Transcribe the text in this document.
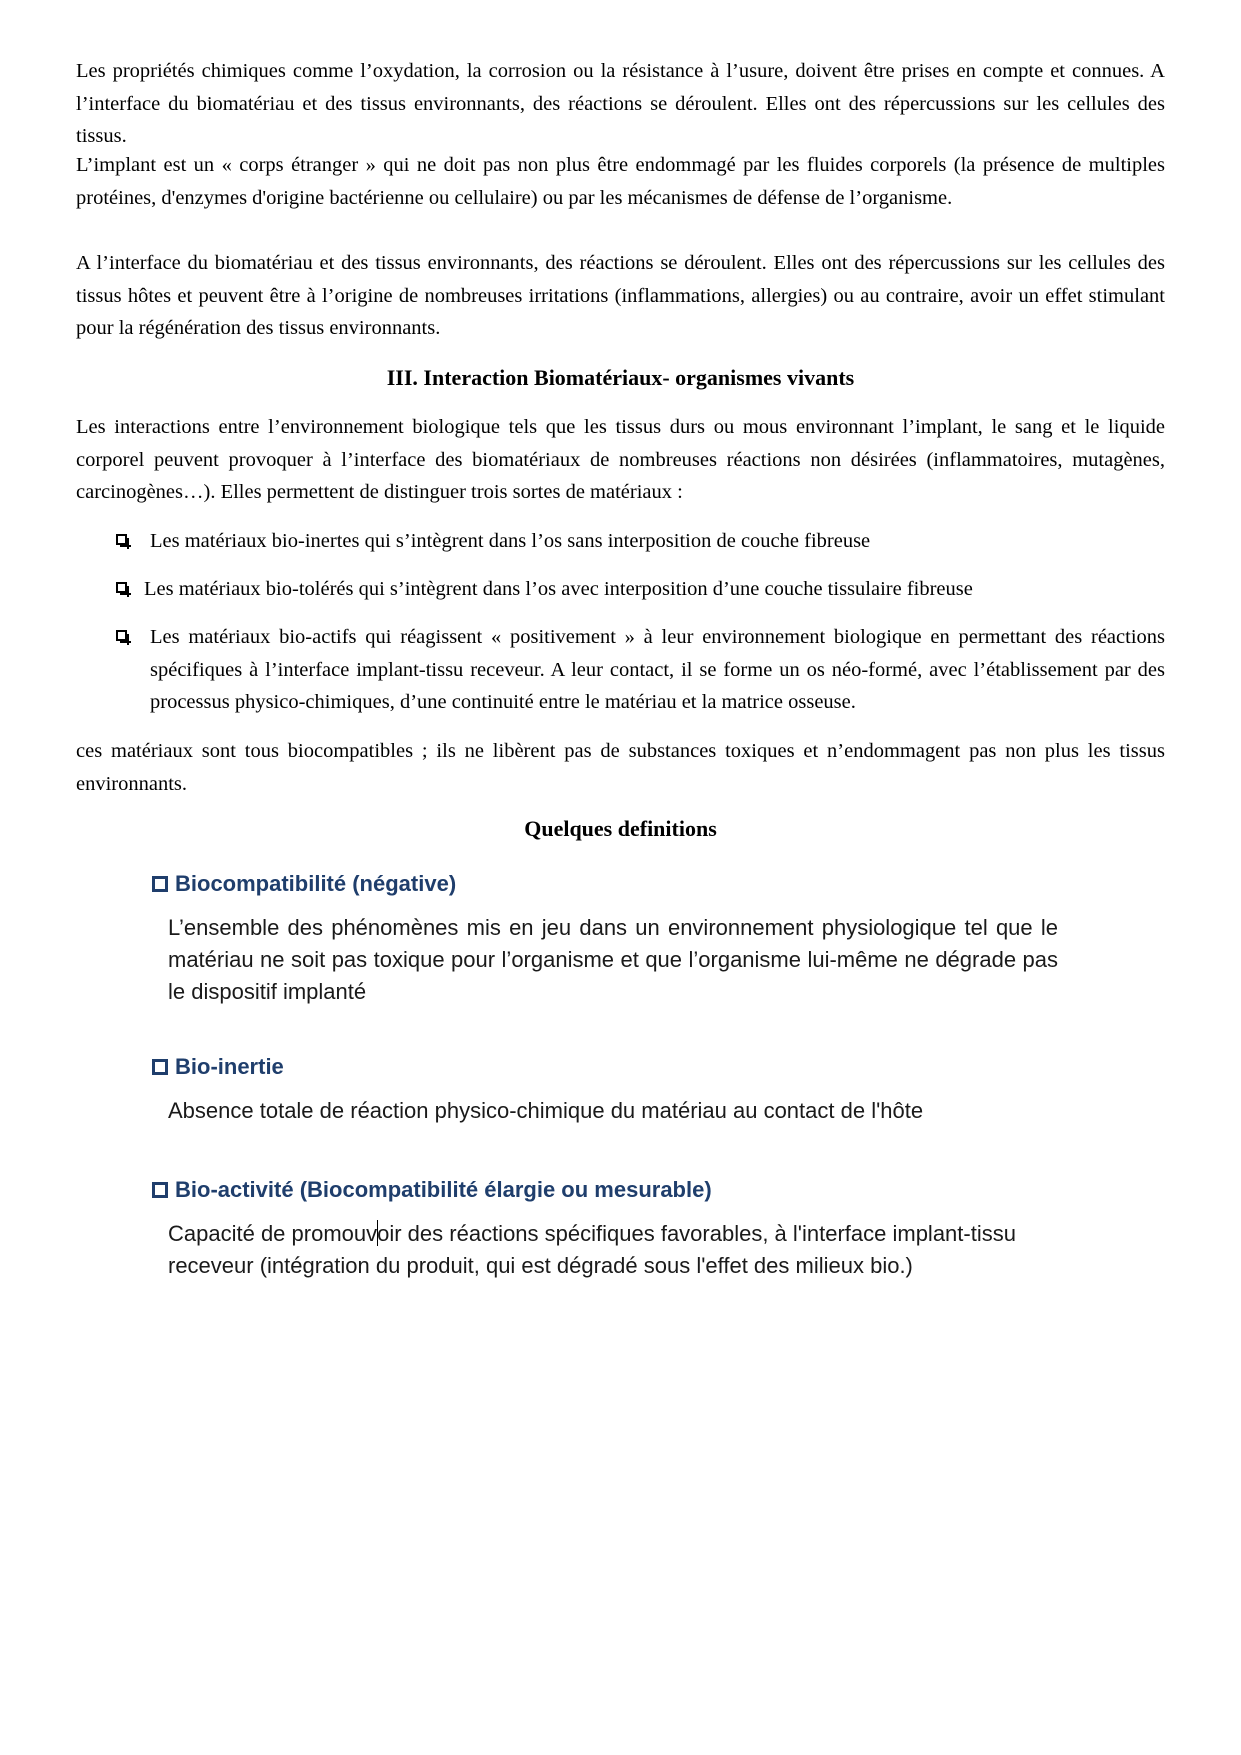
Les propriétés chimiques comme l’oxydation, la corrosion ou la résistance à l’usure, doivent être prises en compte et connues. A l’interface du biomatériau et des tissus environnants, des réactions se déroulent. Elles ont des répercussions sur les cellules des tissus.

L’implant est un « corps étranger » qui ne doit pas non plus être endommagé par les fluides corporels (la présence de multiples protéines, d'enzymes d'origine bactérienne ou cellulaire) ou par les mécanismes de défense de l’organisme.

A l’interface du biomatériau et des tissus environnants, des réactions se déroulent. Elles ont des répercussions sur les cellules des tissus hôtes et peuvent être à l’origine de nombreuses irritations (inflammations, allergies) ou au contraire, avoir un effet stimulant pour la régénération des tissus environnants.

III. Interaction Biomatériaux- organismes vivants

Les interactions entre l’environnement biologique tels que les tissus durs ou mous environnant l’implant, le sang et le liquide corporel peuvent provoquer à l’interface des biomatériaux de nombreuses réactions non désirées (inflammatoires, mutagènes, carcinogènes…). Elles permettent de distinguer trois sortes de matériaux :

Les matériaux bio-inertes qui s’intègrent dans l’os sans interposition de couche fibreuse
Les matériaux bio-tolérés qui s’intègrent dans l’os avec interposition d’une couche tissulaire fibreuse
Les matériaux bio-actifs qui réagissent « positivement » à leur environnement biologique en permettant des réactions spécifiques à l’interface implant-tissu receveur. A leur contact, il se forme un os néo-formé, avec l’établissement par des processus physico-chimiques, d’une continuité entre le matériau et la matrice osseuse.

ces matériaux sont tous biocompatibles ; ils ne libèrent pas de substances toxiques et n’endommagent pas non plus les tissus environnants.

Quelques definitions
Biocompatibilité (négative)
L’ensemble des phénomènes mis en jeu dans un environnement physiologique tel que le matériau ne soit pas toxique pour l’organisme et que l’organisme lui-même ne dégrade pas le dispositif implanté
Bio-inertie
Absence totale de réaction physico-chimique du matériau au contact de l'hôte
Bio-activité (Biocompatibilité élargie ou mesurable)
Capacité de promouvoir des réactions spécifiques favorables, à l'interface implant-tissu receveur (intégration du produit, qui est dégradé sous l'effet des milieux bio.)
